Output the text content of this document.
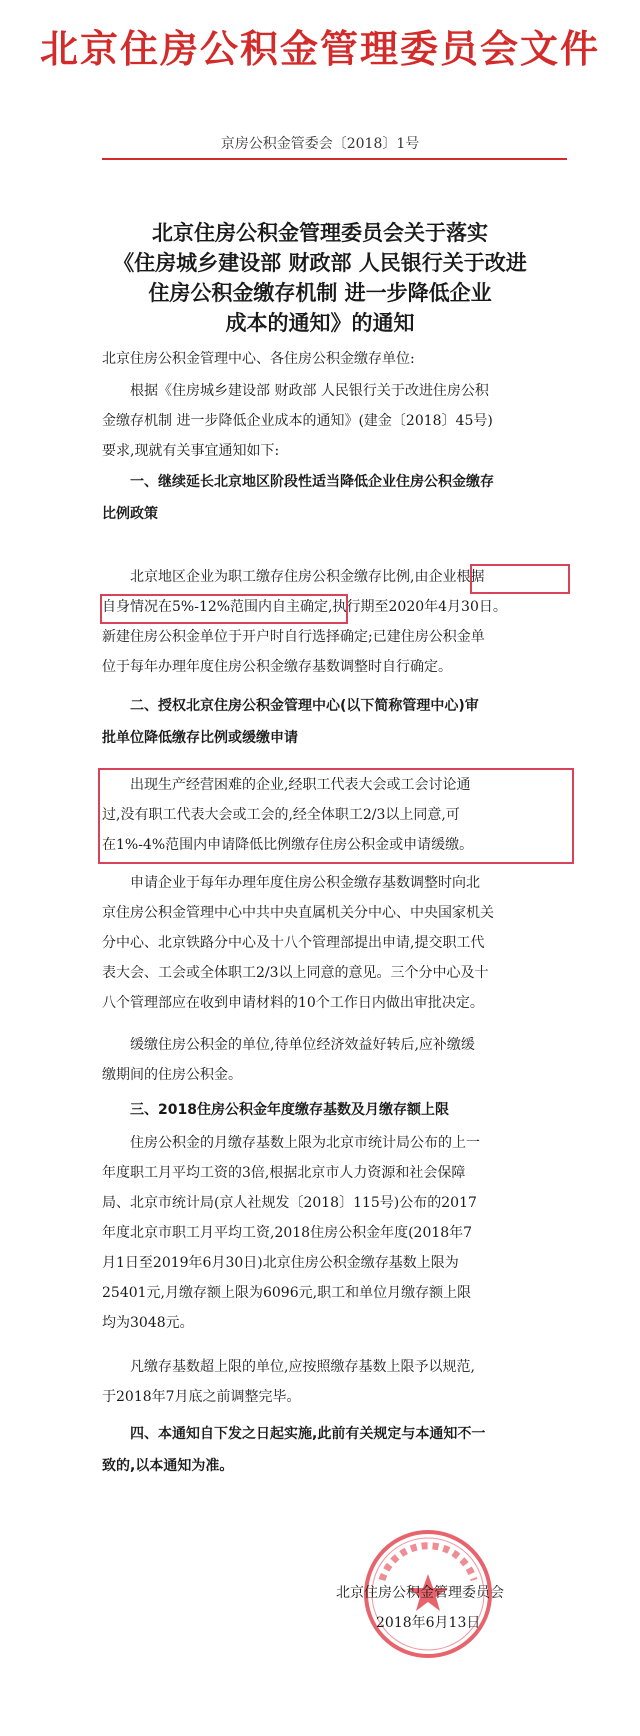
北京住房公积金管理委员会文件
京房公积金管委会〔2018〕1号
北京住房公积金管理委员会关于落实
《住房城乡建设部 财政部 人民银行关于改进
住房公积金缴存机制 进一步降低企业
成本的通知》的通知
北京住房公积金管理中心、各住房公积金缴存单位:
　　根据《住房城乡建设部 财政部 人民银行关于改进住房公积
金缴存机制 进一步降低企业成本的通知》(建金〔2018〕45号)
要求,现就有关事宜通知如下:
　　一、继续延长北京地区阶段性适当降低企业住房公积金缴存
比例政策
　　北京地区企业为职工缴存住房公积金缴存比例,由企业根据
自身情况在5%-12%范围内自主确定,执行期至2020年4月30日。
新建住房公积金单位于开户时自行选择确定;已建住房公积金单
位于每年办理年度住房公积金缴存基数调整时自行确定。
　　二、授权北京住房公积金管理中心(以下简称管理中心)审
批单位降低缴存比例或缓缴申请
　　出现生产经营困难的企业,经职工代表大会或工会讨论通
过,没有职工代表大会或工会的,经全体职工2/3以上同意,可
在1%-4%范围内申请降低比例缴存住房公积金或申请缓缴。
　　申请企业于每年办理年度住房公积金缴存基数调整时向北
京住房公积金管理中心中共中央直属机关分中心、中央国家机关
分中心、北京铁路分中心及十八个管理部提出申请,提交职工代
表大会、工会或全体职工2/3以上同意的意见。三个分中心及十
八个管理部应在收到申请材料的10个工作日内做出审批决定。
　　缓缴住房公积金的单位,待单位经济效益好转后,应补缴缓
缴期间的住房公积金。
　　三、2018住房公积金年度缴存基数及月缴存额上限
　　住房公积金的月缴存基数上限为北京市统计局公布的上一
年度职工月平均工资的3倍,根据北京市人力资源和社会保障
局、北京市统计局(京人社规发〔2018〕115号)公布的2017
年度北京市职工月平均工资,2018住房公积金年度(2018年7
月1日至2019年6月30日)北京住房公积金缴存基数上限为
25401元,月缴存额上限为6096元,职工和单位月缴存额上限
均为3048元。
　　凡缴存基数超上限的单位,应按照缴存基数上限予以规范,
于2018年7月底之前调整完毕。
　　四、本通知自下发之日起实施,此前有关规定与本通知不一
致的,以本通知为准。
北京住房公积金管理委员会
2018年6月13日
